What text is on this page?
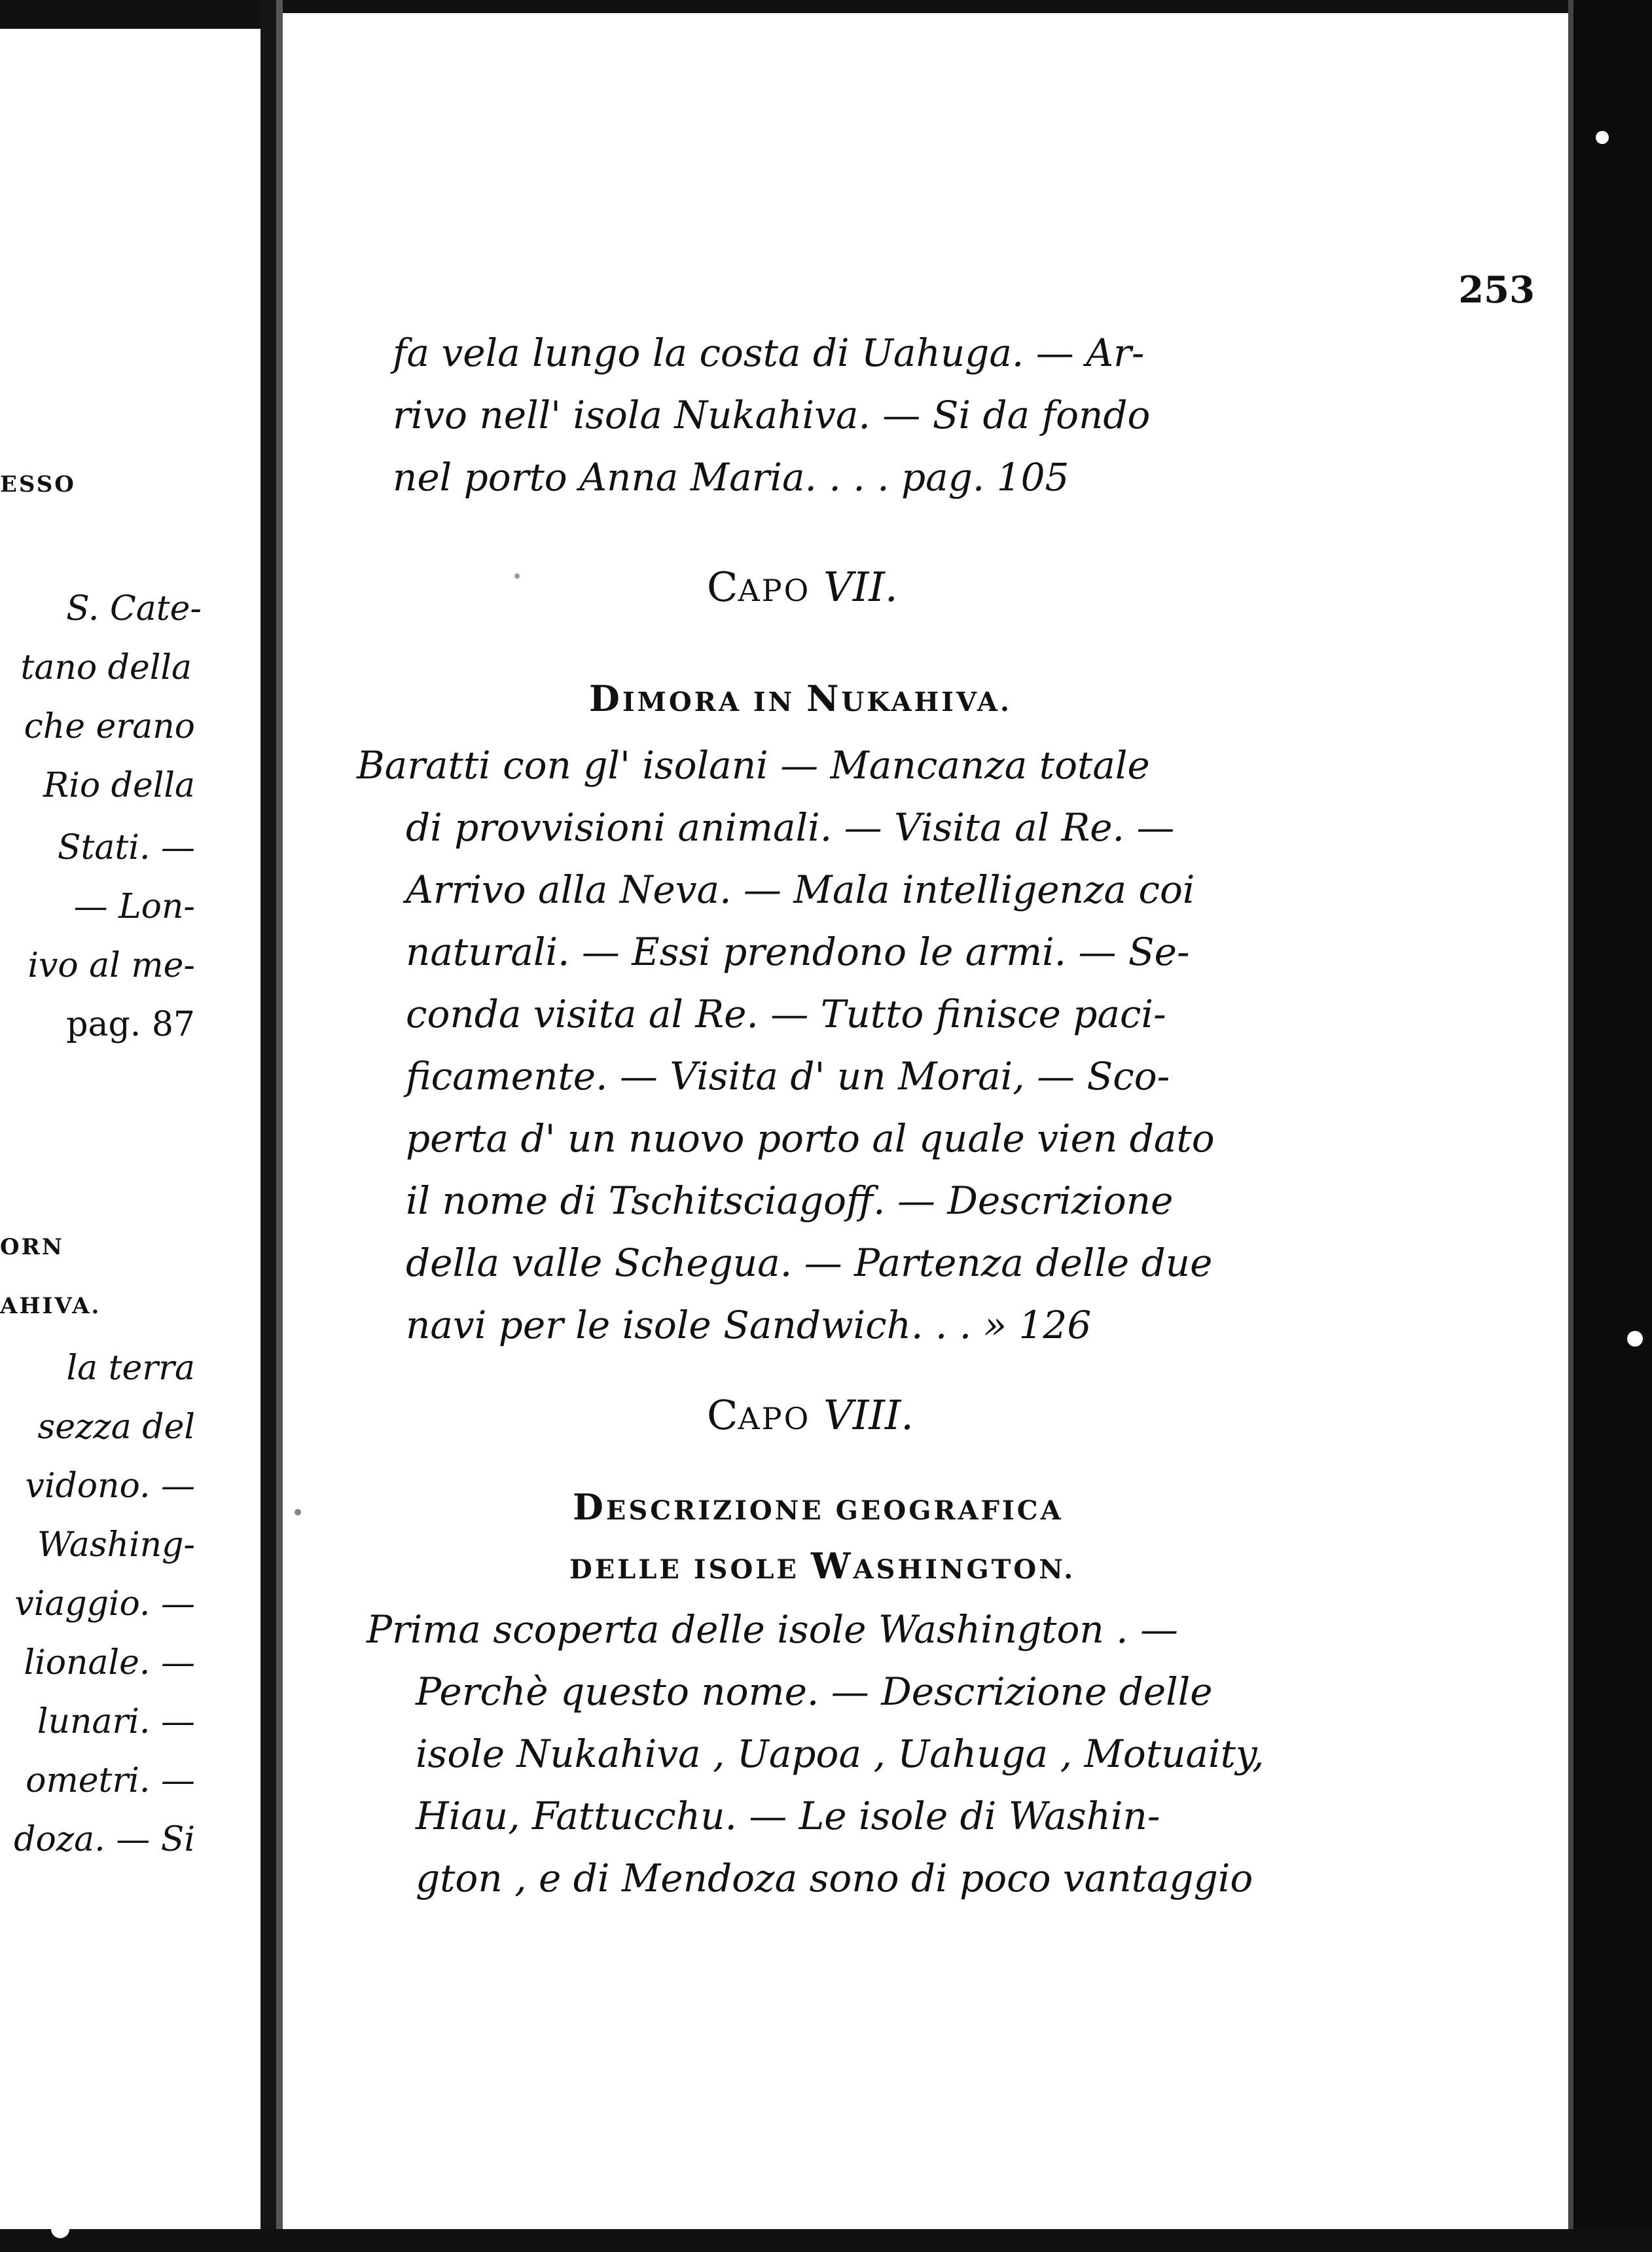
ESSO
S. Cate-
tano della
che erano
Rio della
Stati. —
— Lon-
ivo al me-
pag. 87
ORN
AHIVA.
la terra
sezza del
vidono. —
Washing-
viaggio. —
lionale. —
lunari. —
ometri. —
doza. — Si
253
fa vela lungo la costa di Uahuga. — Ar-
rivo nell' isola Nukahiva. — Si da fondo
nel porto Anna Maria. . . . pag. 105
CAPO VII.
DIMORA IN NUKAHIVA.
Baratti con gl' isolani — Mancanza totale
di provvisioni animali. — Visita al Re. —
Arrivo alla Neva. — Mala intelligenza coi
naturali. — Essi prendono le armi. — Se-
conda visita al Re. — Tutto finisce paci-
ficamente. — Visita d' un Morai, — Sco-
perta d' un nuovo porto al quale vien dato
il nome di Tschitsciagoff. — Descrizione
della valle Schegua. — Partenza delle due
navi per le isole Sandwich. . . » 126
CAPO VIII.
DESCRIZIONE GEOGRAFICA
DELLE ISOLE WASHINGTON.
Prima scoperta delle isole Washington . —
Perchè questo nome. — Descrizione delle
isole Nukahiva , Uapoa , Uahuga , Motuaity,
Hiau, Fattucchu. — Le isole di Washin-
gton , e di Mendoza sono di poco vantaggio
